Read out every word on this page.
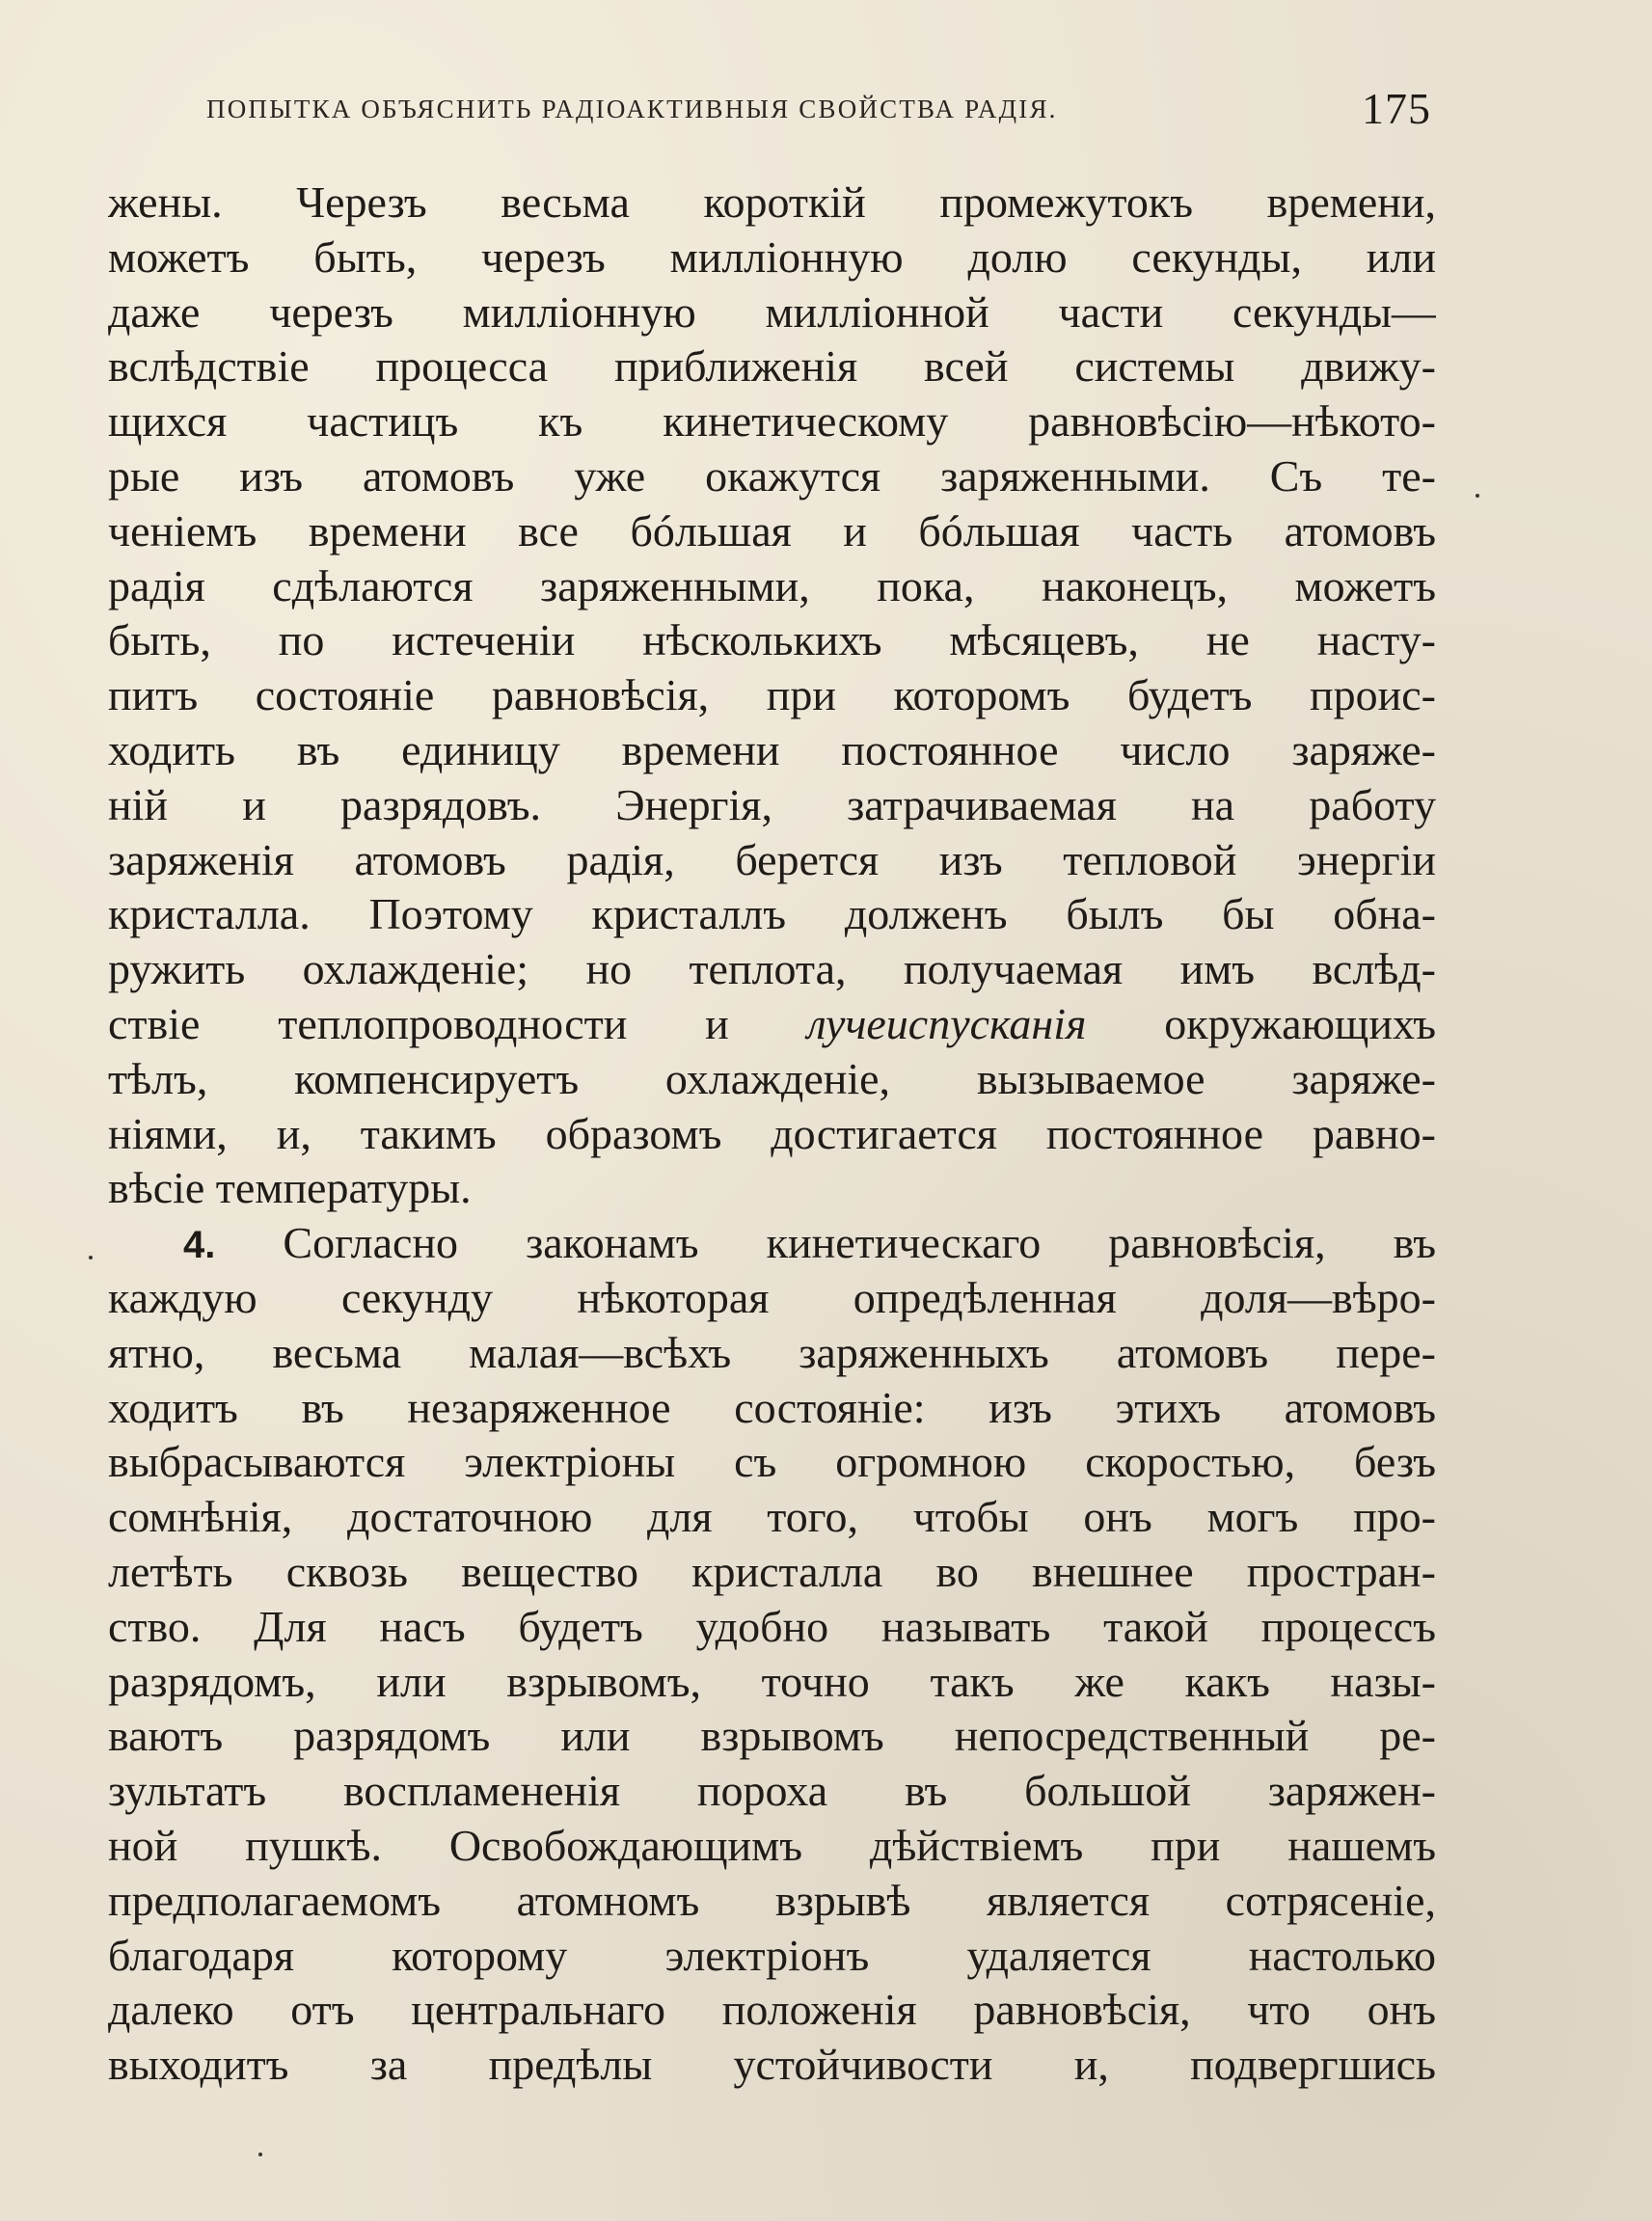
ПОПЫТКА ОБЪЯСНИТЬ РАДІОАКТИВНЫЯ СВОЙСТВА РАДІЯ.	175
жены. Черезъ весьма короткій промежутокъ времени,
можетъ быть, черезъ милліонную долю секунды, или
даже черезъ милліонную милліонной части секунды—
вслѣдствіе процесса приближенія всей системы движу-
щихся частицъ къ кинетическому равновѣсію—нѣкото-
рые изъ атомовъ уже окажутся заряженными. Съ те-
ченіемъ времени все бóльшая и бóльшая часть атомовъ
радія сдѣлаются заряженными, пока, наконецъ, можетъ
быть, по истеченіи нѣсколькихъ мѣсяцевъ, не насту-
питъ состояніе равновѣсія, при которомъ будетъ проис-
ходить въ единицу времени постоянное число заряже-
ній и разрядовъ. Энергія, затрачиваемая на работу
заряженія атомовъ радія, берется изъ тепловой энергіи
кристалла. Поэтому кристаллъ долженъ былъ бы обна-
ружить охлажденіе; но теплота, получаемая имъ вслѣд-
ствіе теплопроводности и лучеиспусканія окружающихъ
тѣлъ, компенсируетъ охлажденіе, вызываемое заряже-
ніями, и, такимъ образомъ достигается постоянное равно-
вѣсіе температуры.
4. Согласно законамъ кинетическаго равновѣсія, въ
каждую секунду нѣкоторая опредѣленная доля—вѣро-
ятно, весьма малая—всѣхъ заряженныхъ атомовъ пере-
ходитъ въ незаряженное состояніе: изъ этихъ атомовъ
выбрасываются электріоны съ огромною скоростью, безъ
сомнѣнія, достаточною для того, чтобы онъ могъ про-
летѣть сквозь вещество кристалла во внешнее простран-
ство. Для насъ будетъ удобно называть такой процессъ
разрядомъ, или взрывомъ, точно такъ же какъ назы-
ваютъ разрядомъ или взрывомъ непосредственный ре-
зультатъ воспламененія пороха въ большой заряжен-
ной пушкѣ. Освобождающимъ дѣйствіемъ при нашемъ
предполагаемомъ атомномъ взрывѣ является сотрясеніе,
благодаря которому электріонъ удаляется настолько
далеко отъ центральнаго положенія равновѣсія, что онъ
выходитъ за предѣлы устойчивости и, подвергшись
